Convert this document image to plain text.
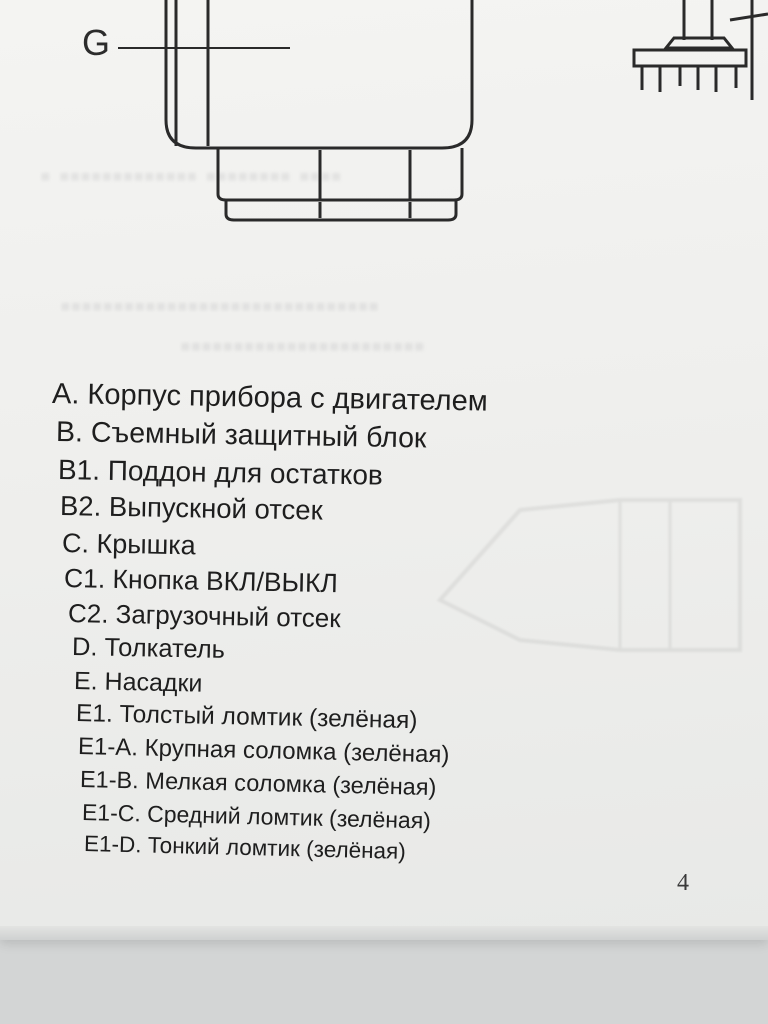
▪ ▪▪▪▪▪▪▪▪▪▪▪▪▪ ▪▪▪▪▪▪▪▪ ▪▪▪▪
▪▪▪▪▪▪▪▪▪▪▪▪▪▪▪▪▪▪▪▪▪▪▪▪▪▪▪▪▪▪
▪▪▪▪▪▪▪▪▪▪▪▪▪▪▪▪▪▪▪▪▪▪▪
G
A. Корпус прибора с двигателем
B. Съемный защитный блок
B1. Поддон для остатков
B2. Выпускной отсек
C. Крышка
C1. Кнопка ВКЛ/ВЫКЛ
C2. Загрузочный отсек
D. Толкатель
E. Насадки
E1. Толстый ломтик (зелёная)
E1-A. Крупная соломка (зелёная)
E1-B. Мелкая соломка (зелёная)
E1-C. Средний ломтик (зелёная)
E1-D. Тонкий ломтик (зелёная)
4
